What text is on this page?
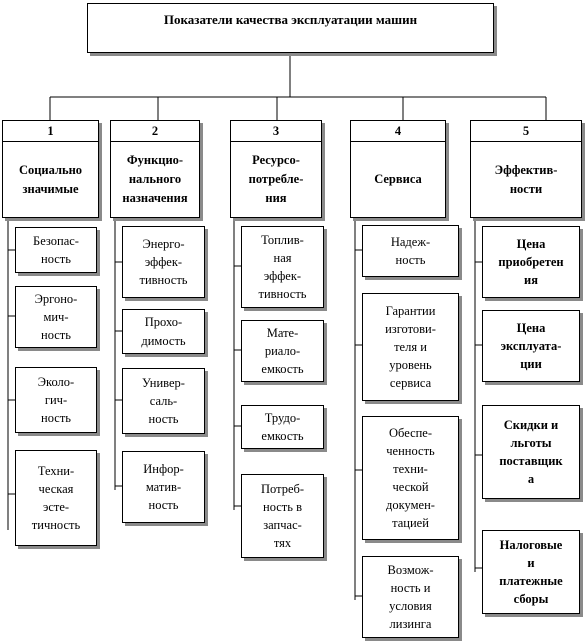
Показатели качества эксплуатации машин
1
Социально
значимые
2
Функцио-
нального
назначения
3
Ресурсо-
потребле-
ния
4
Сервиса
5
Эффектив-
ности
Безопас-
ность
Эргоно-
мич-
ность
Эколо-
гич-
ность
Техни-
ческая
эсте-
тичность
Энерго-
эффек-
тивность
Прохо-
димость
Универ-
саль-
ность
Инфор-
матив-
ность
Топлив-
ная
эффек-
тивность
Мате-
риало-
емкость
Трудо-
емкость
Потреб-
ность в
запчас-
тях
Надеж-
ность
Гарантии
изготови-
теля и
уровень
сервиса
Обеспе-
ченность
техни-
ческой
докумен-
тацией
Возмож-
ность и
условия
лизинга
Цена
приобретен
ия
Цена
эксплуата-
ции
Скидки и
льготы
поставщик
а
Налоговые
и
платежные
сборы
